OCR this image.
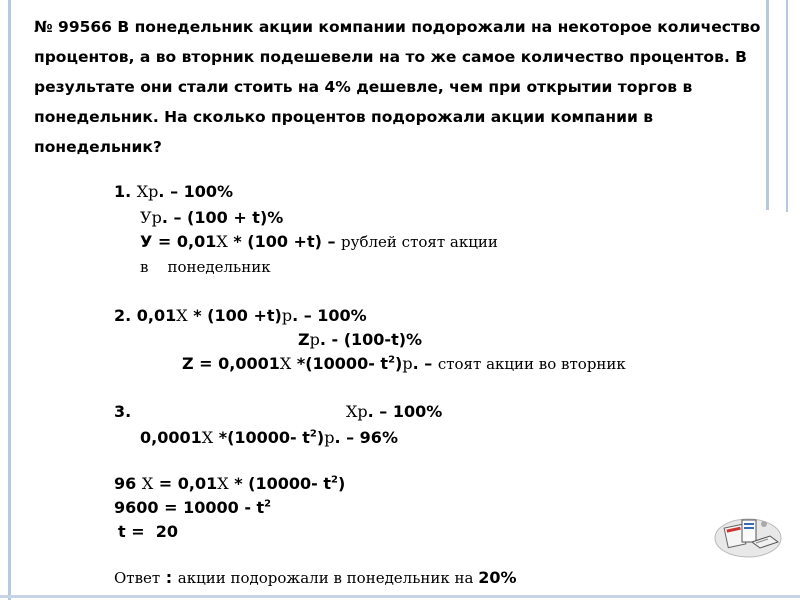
№ 99566 В понедельник акции компании подорожали на некоторое количество процентов, а во вторник подешевели на то же самое количество процентов. В результате они стали стоить на 4% дешевле, чем при открытии торгов в понедельник. На сколько процентов подорожали акции компании в понедельник?
1. Хр. – 100%
Ур. – (100 + t)%
У = 0,01Х * (100 +t) – рублей стоят акции
в    понедельник
2. 0,01Х * (100 +t)р. – 100%
Zр. - (100-t)%
Z = 0,0001Х *(10000- $t^2)р$. – стоят акции во вторник
3.	Хр. – 100%
0,0001Х *(10000- $t^2)р$. – 96%
96 Х = 0,01Х * (10000- $t^2$)
$9600 = 10000 - t^2$
t =  20
Ответ : акции подорожали в понедельник на 20%
